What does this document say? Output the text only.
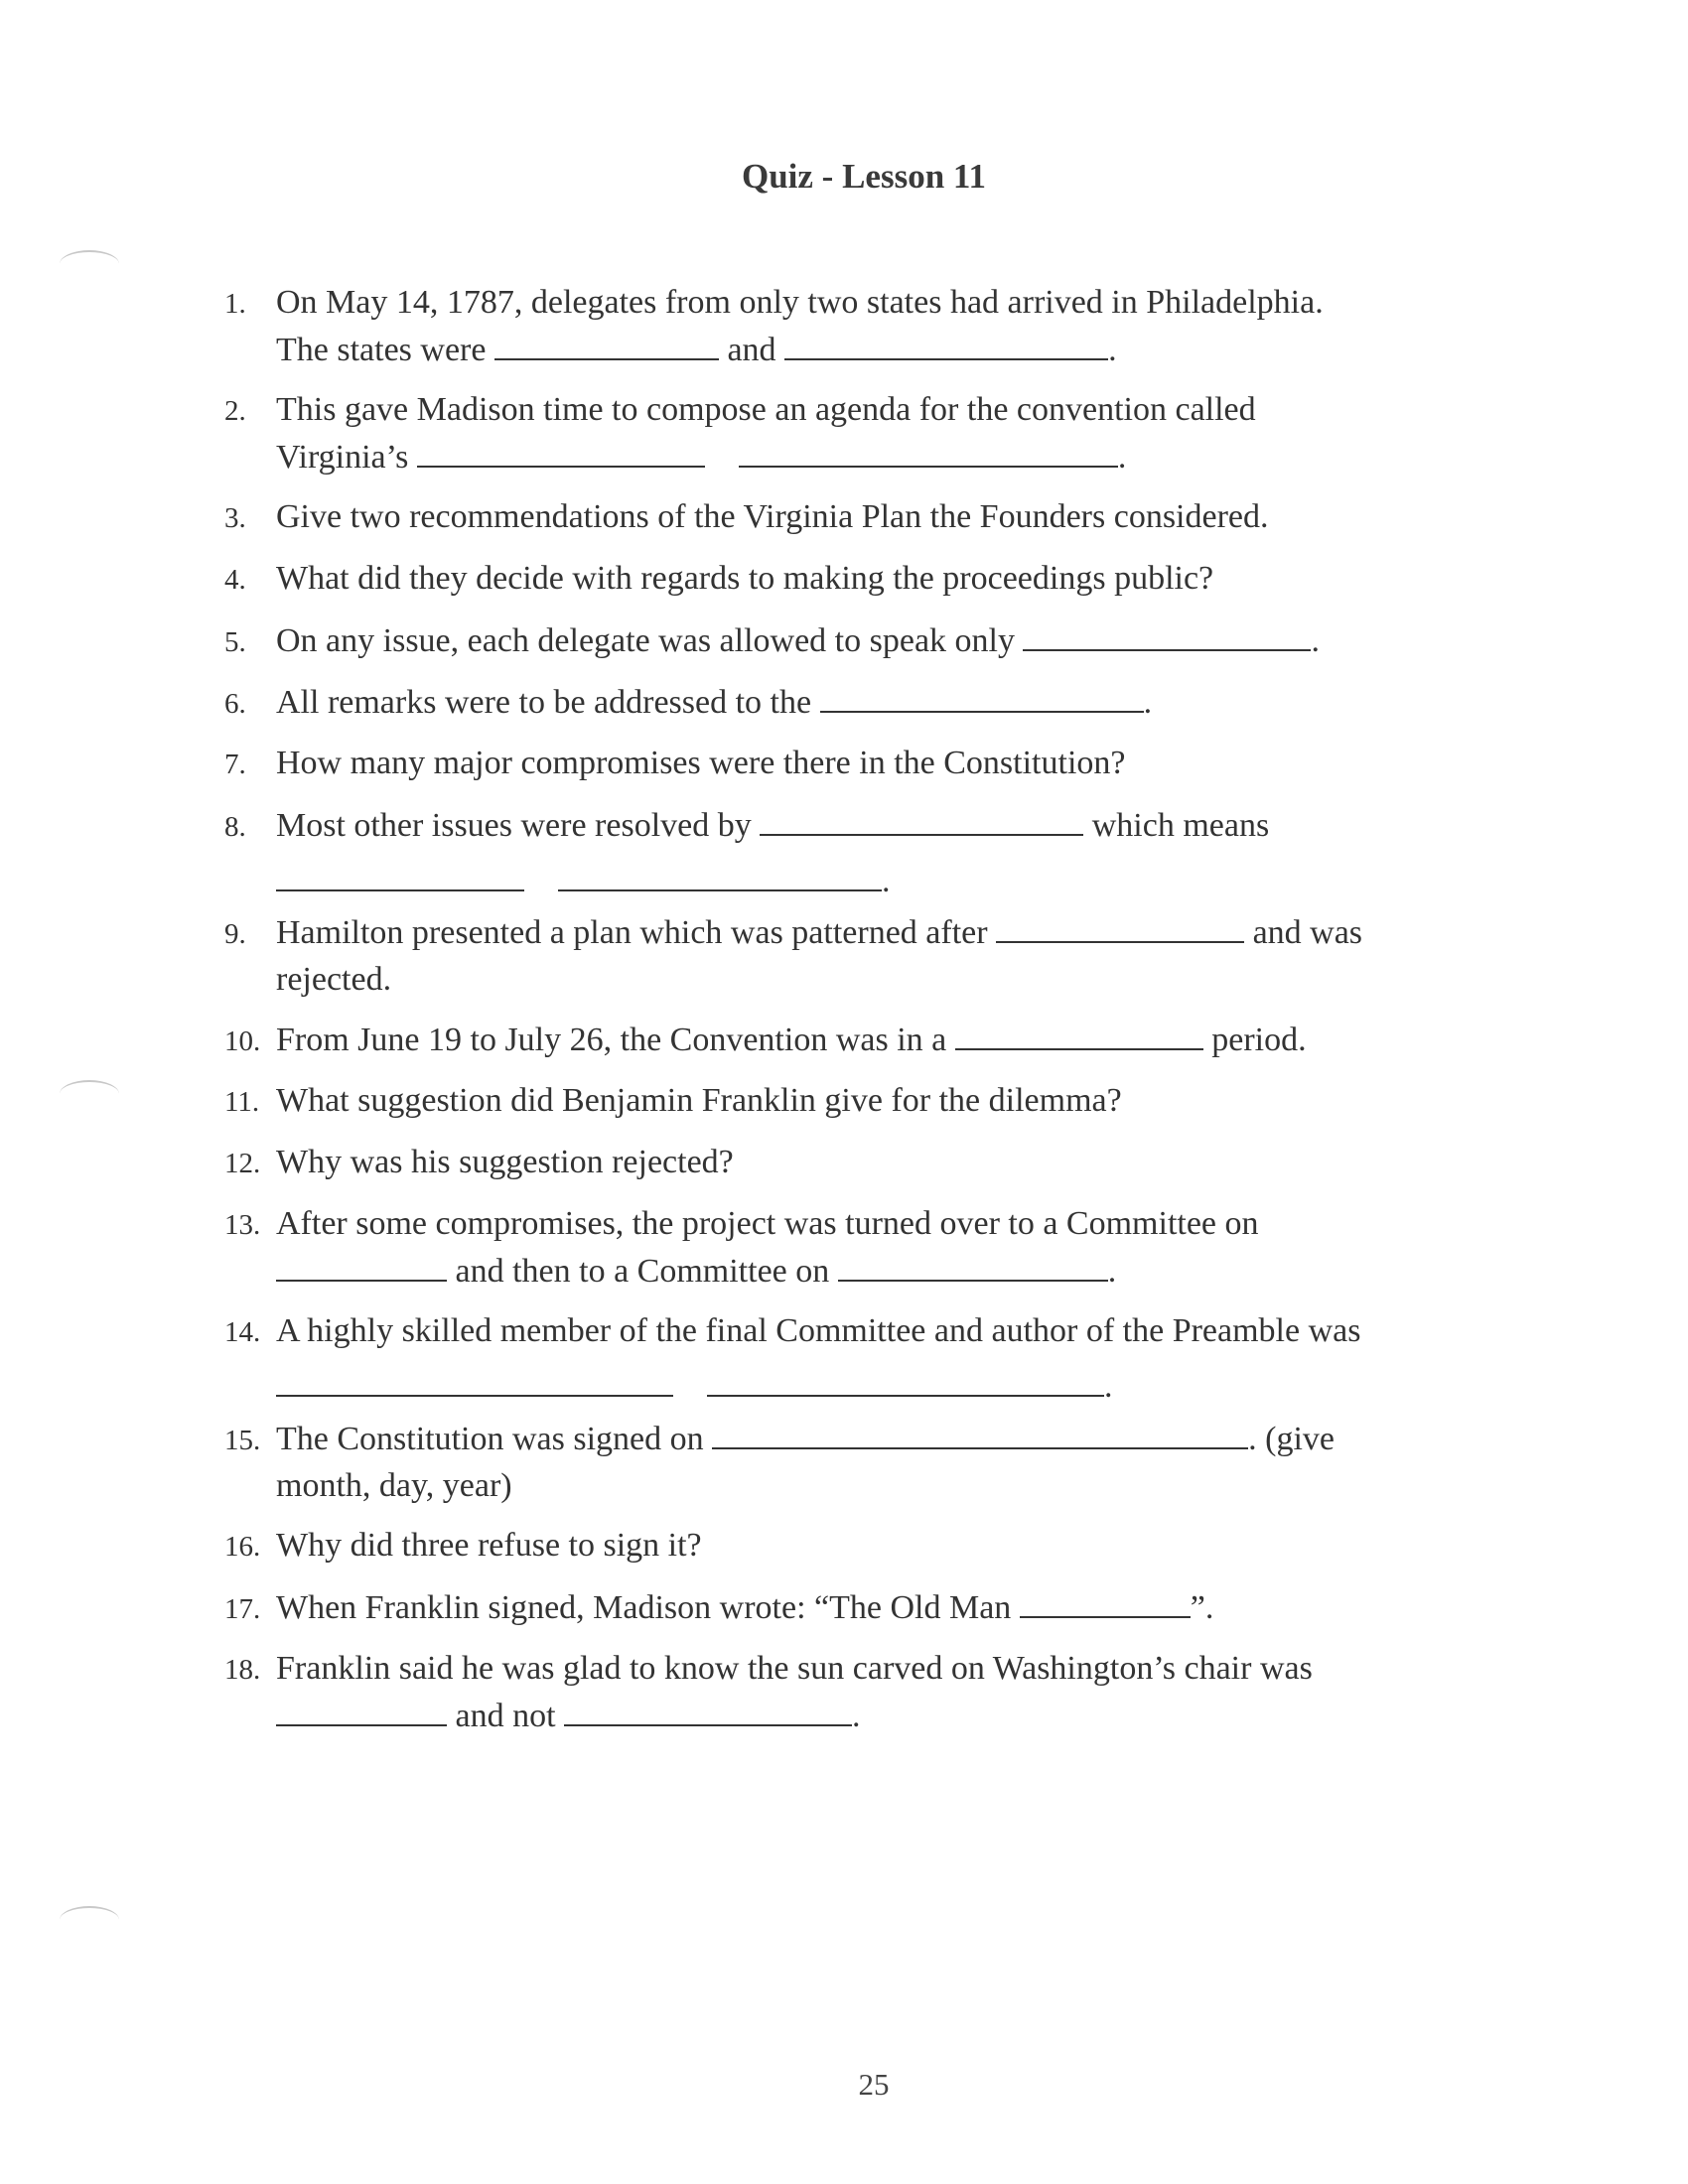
Quiz - Lesson 11
1. On May 14, 1787, delegates from only two states had arrived in Philadelphia.
The states were	and	.
2. This gave Madison time to compose an agenda for the convention called
Virginia’s	.
3. Give two recommendations of the Virginia Plan the Founders considered.
4. What did they decide with regards to making the proceedings public?
5. On any issue, each delegate was allowed to speak only	.
6. All remarks were to be addressed to the	.
7. How many major compromises were there in the Constitution?
8. Most other issues were resolved by	which means
.
9. Hamilton presented a plan which was patterned after	and was
rejected.
10. From June 19 to July 26, the Convention was in a	period.
11. What suggestion did Benjamin Franklin give for the dilemma?
12. Why was his suggestion rejected?
13. After some compromises, the project was turned over to a Committee on
and then to a Committee on	.
14. A highly skilled member of the final Committee and author of the Preamble was
.
15. The Constitution was signed on	. (give
month, day, year)
16. Why did three refuse to sign it?
17. When Franklin signed, Madison wrote: “The Old Man	”.
18. Franklin said he was glad to know the sun carved on Washington’s chair was
and not	.
25
